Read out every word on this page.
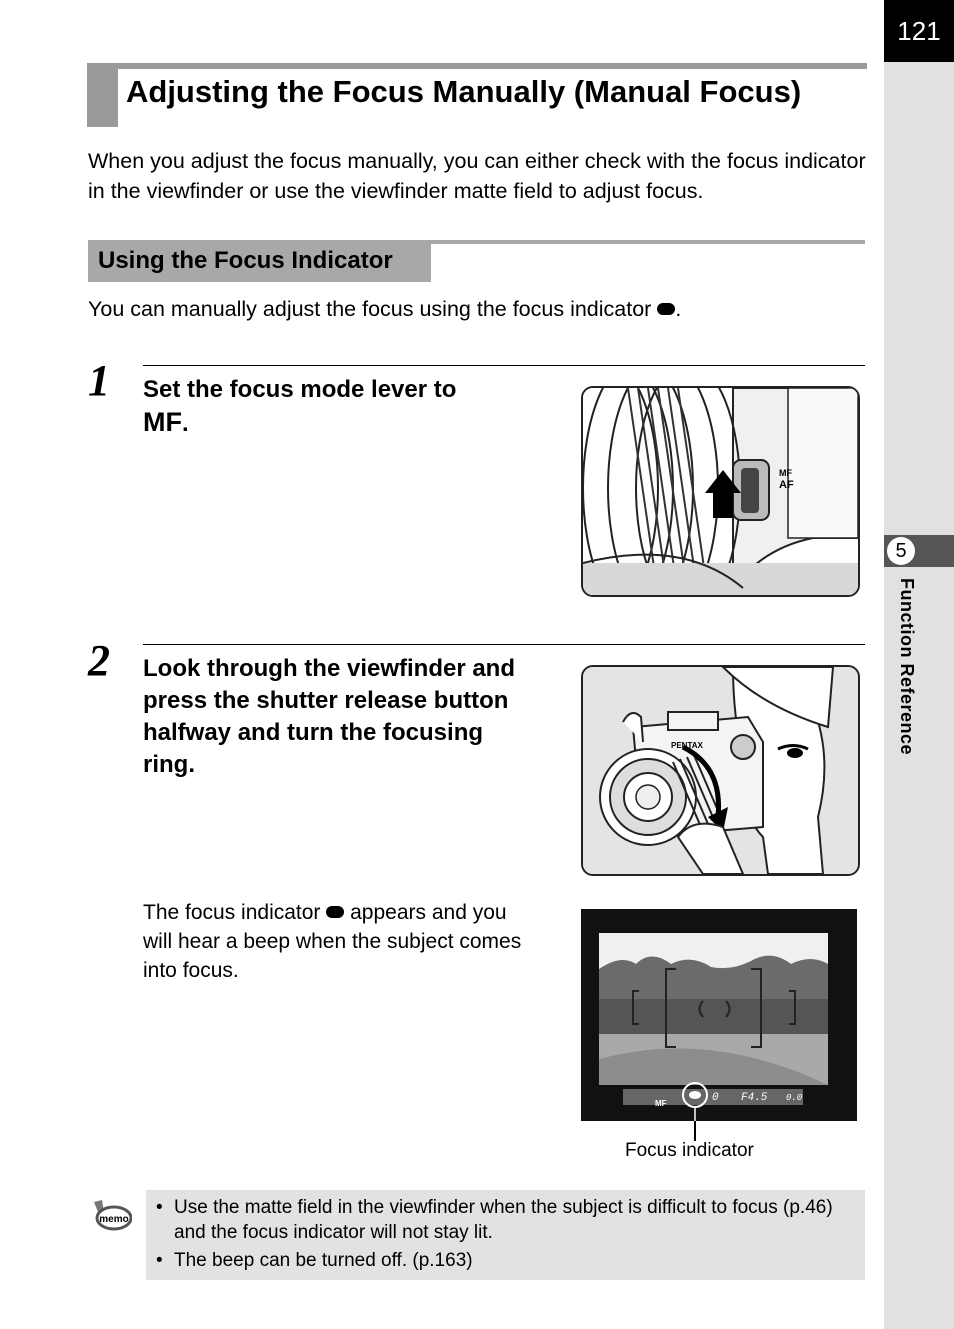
121
5
Function Reference
Adjusting the Focus Manually (Manual Focus)
When you adjust the focus manually, you can either check with the focus indicator in the viewfinder or use the viewfinder matte field to adjust focus.
Using the Focus Indicator
You can manually adjust the focus using the focus indicator .
1 Set the focus mode lever to
MF.
MF
AF
2 Look through the viewfinder and press the shutter release button halfway and turn the focusing ring.
PENTAX
The focus indicator appears and you will hear a beep when the subject comes into focus.
MF	0 F4.5 0.0
Focus indicator
memo
• Use the matte field in the viewfinder when the subject is difficult to focus (p.46) and the focus indicator will not stay lit.
• The beep can be turned off. (p.163)
